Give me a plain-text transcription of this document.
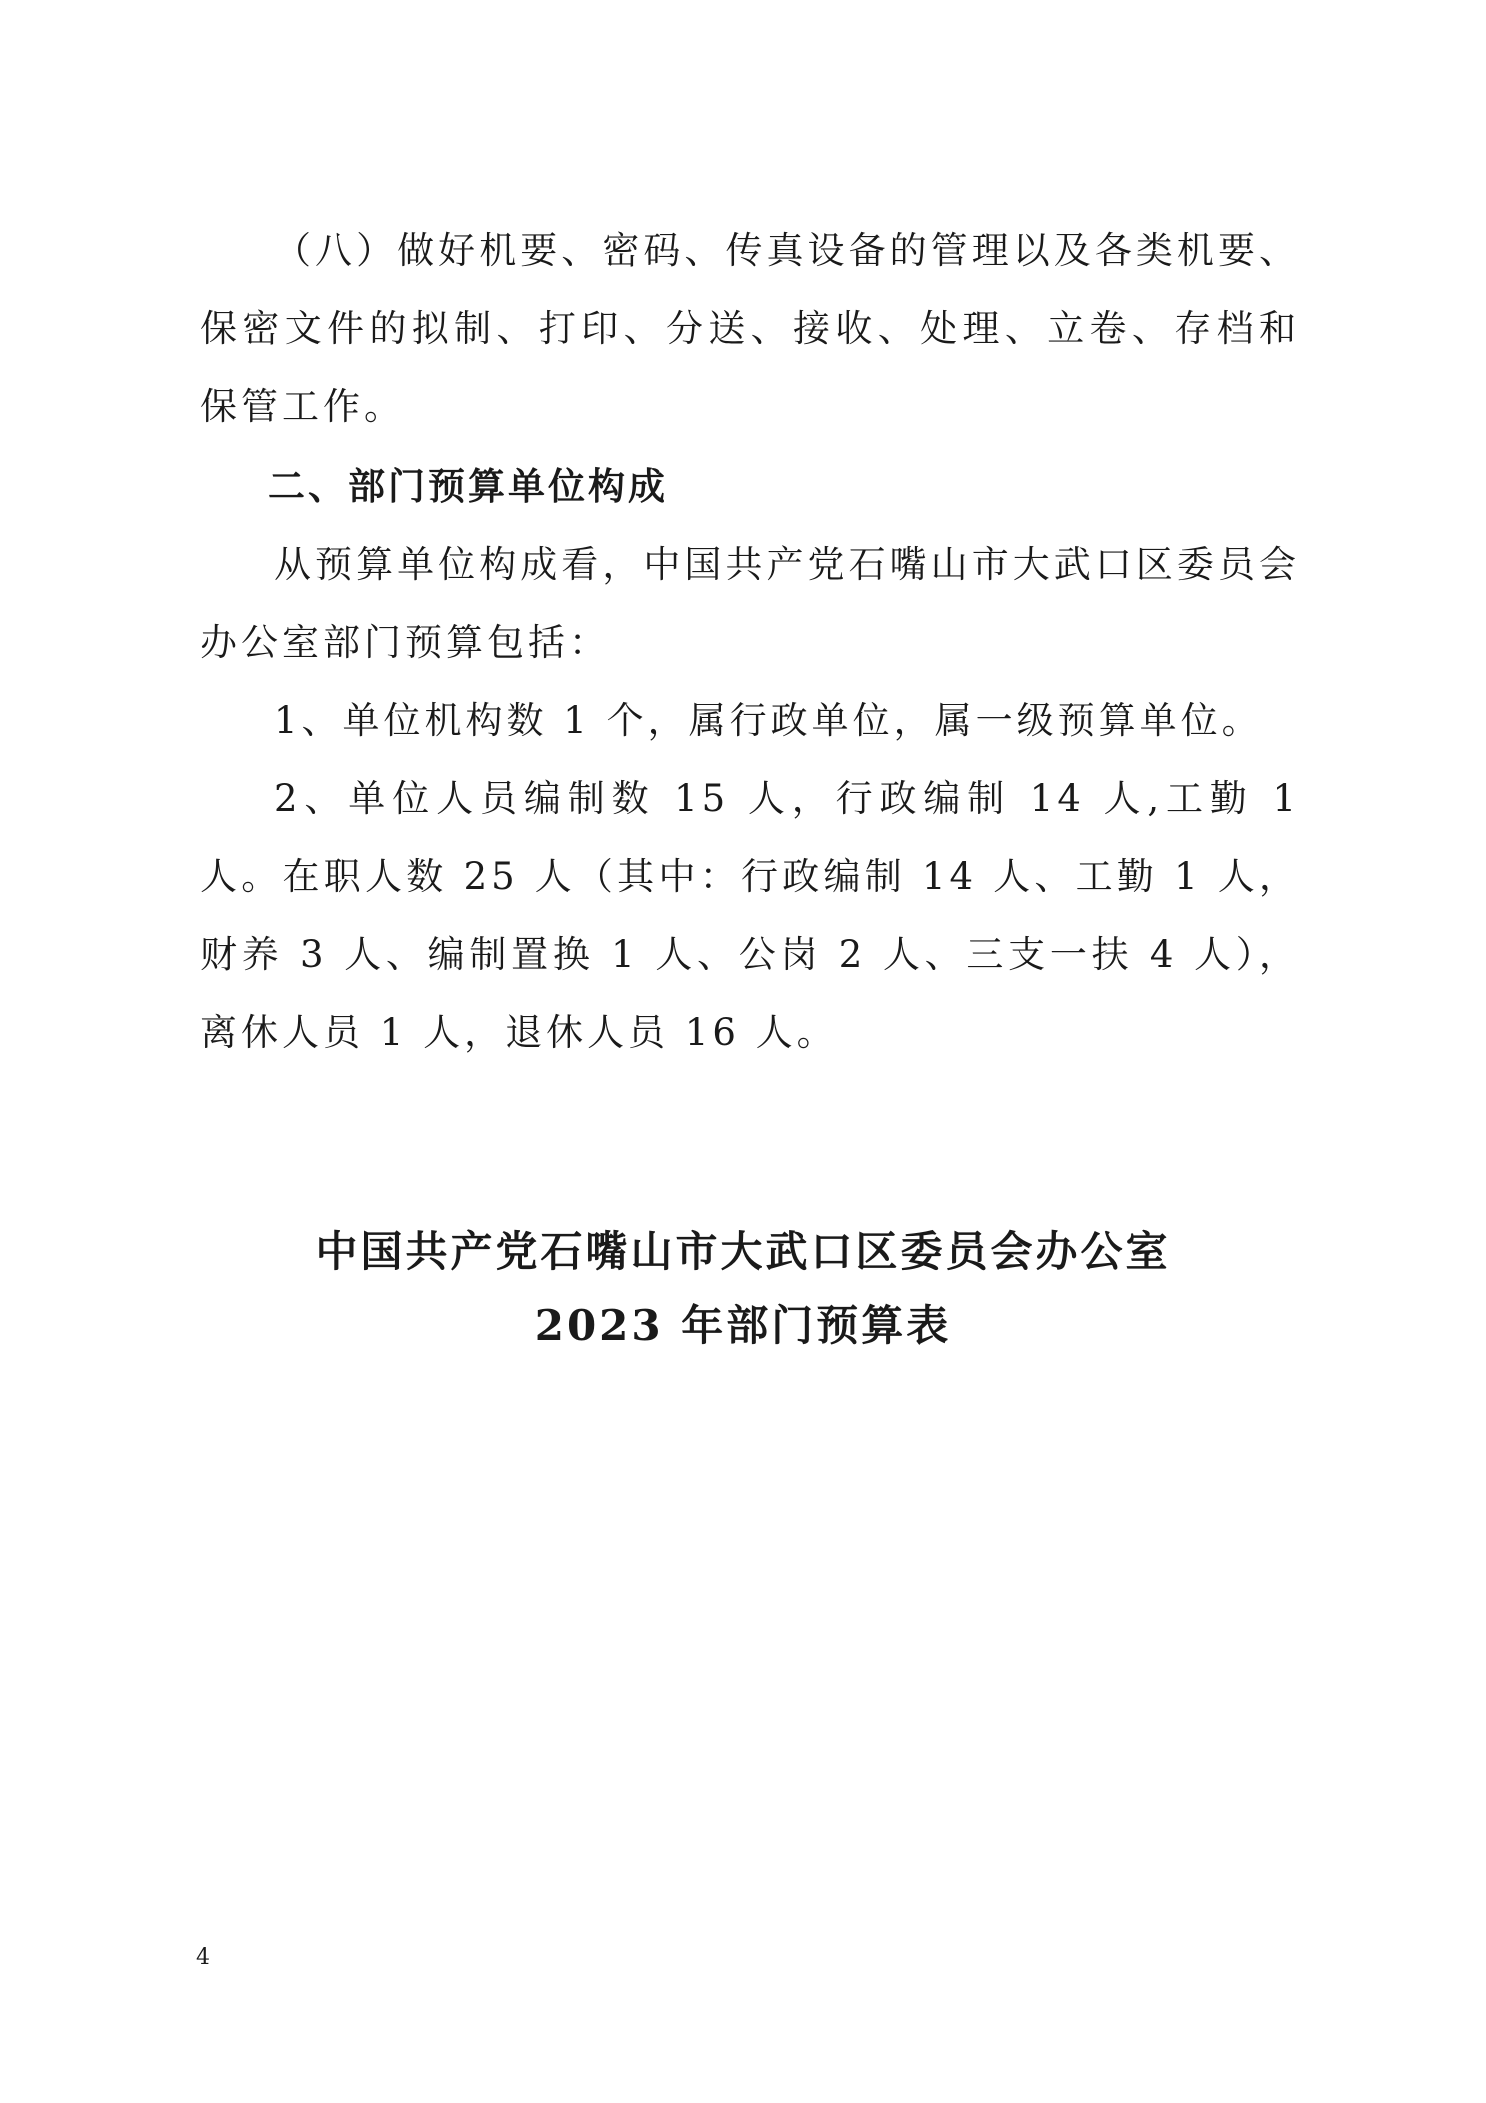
（八）做好机要、密码、传真设备的管理以及各类机要、保密文件的拟制、打印、分送、接收、处理、立卷、存档和保管工作。

二、部门预算单位构成

从预算单位构成看，中国共产党石嘴山市大武口区委员会办公室部门预算包括：

1、单位机构数 1 个，属行政单位，属一级预算单位。

2、单位人员编制数 15 人，行政编制 14 人,工勤 1 人。在职人数 25 人（其中：行政编制 14 人、工勤 1 人，财养 3 人、编制置换 1 人、公岗 2 人、三支一扶 4 人），离休人员 1 人，退休人员 16 人。

中国共产党石嘴山市大武口区委员会办公室
2023 年部门预算表
4
